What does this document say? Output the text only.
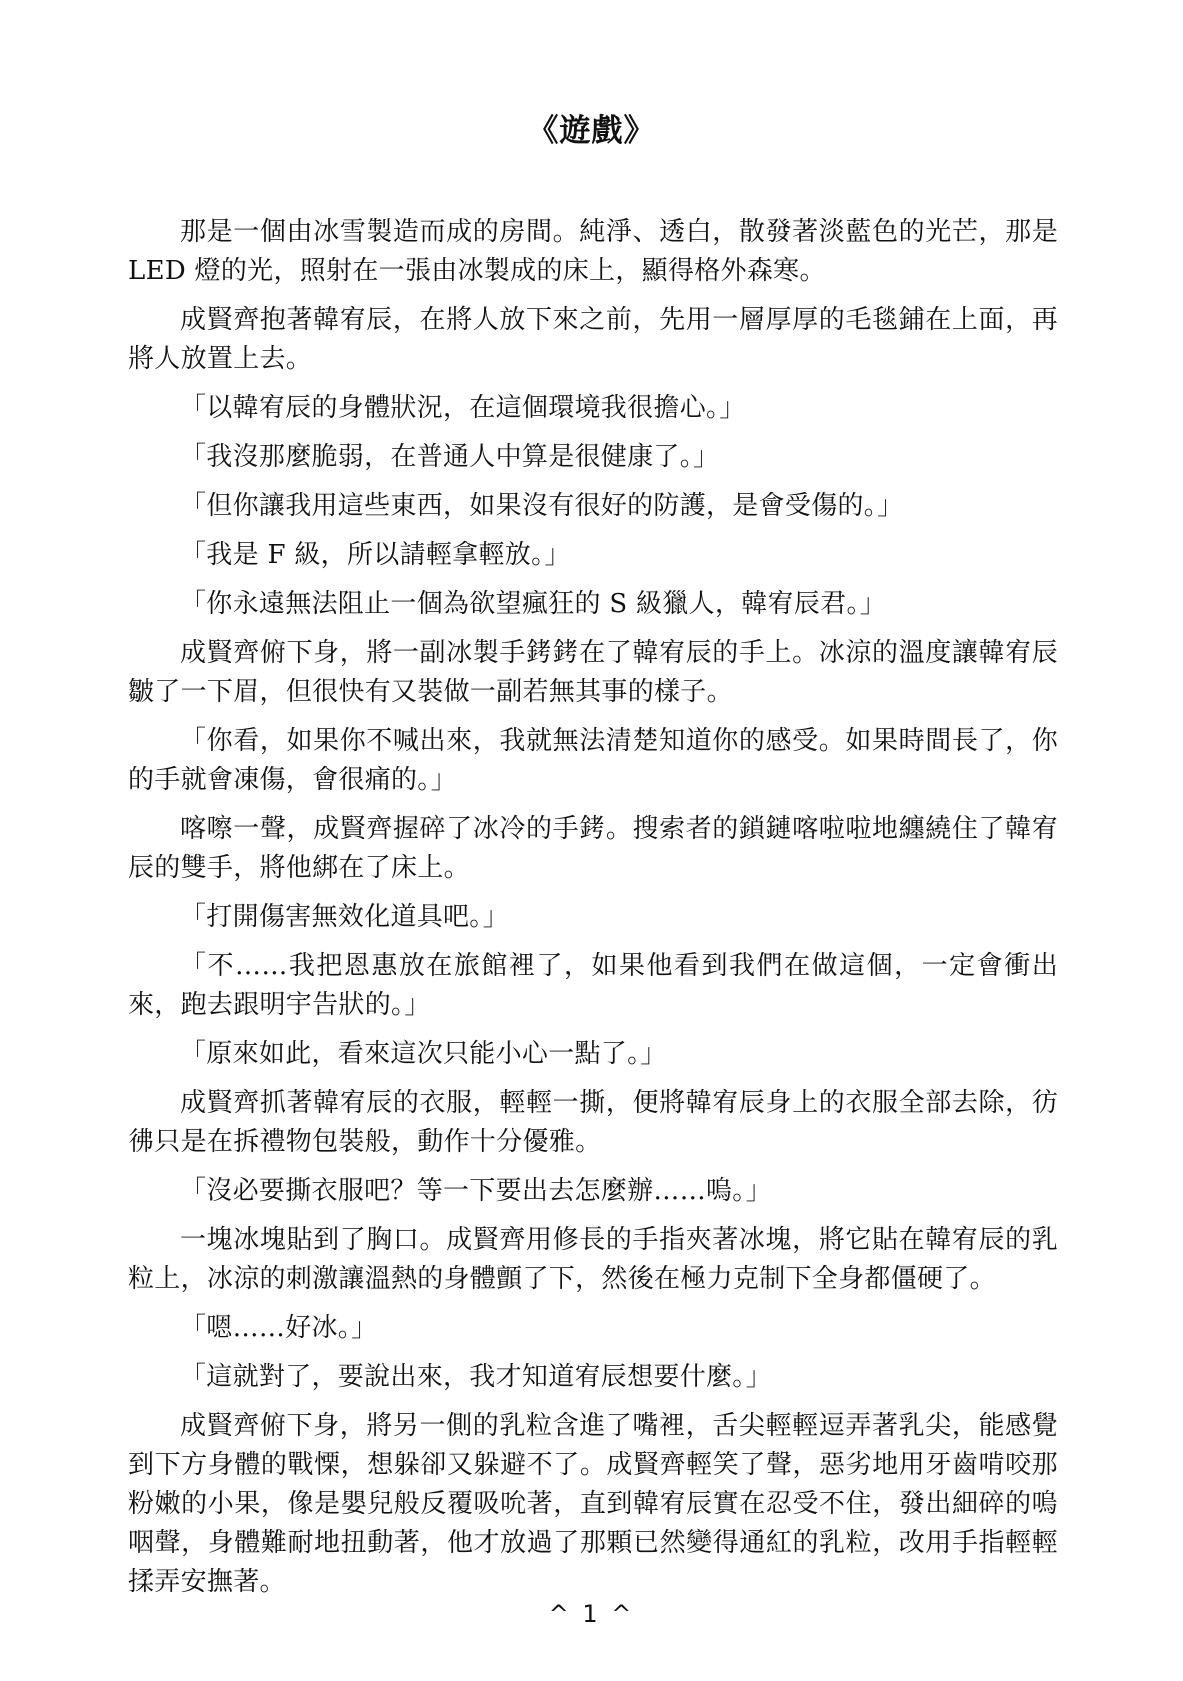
《遊戲》

那是一個由冰雪製造而成的房間。純淨、透白，散發著淡藍色的光芒，那是 LED 燈的光，照射在一張由冰製成的床上，顯得格外森寒。

成賢齊抱著韓宥辰，在將人放下來之前，先用一層厚厚的毛毯鋪在上面，再將人放置上去。

「以韓宥辰的身體狀況，在這個環境我很擔心。」

「我沒那麼脆弱，在普通人中算是很健康了。」

「但你讓我用這些東西，如果沒有很好的防護，是會受傷的。」

「我是 F 級，所以請輕拿輕放。」

「你永遠無法阻止一個為欲望瘋狂的 S 級獵人，韓宥辰君。」

成賢齊俯下身，將一副冰製手銬銬在了韓宥辰的手上。冰涼的溫度讓韓宥辰皺了一下眉，但很快有又裝做一副若無其事的樣子。

「你看，如果你不喊出來，我就無法清楚知道你的感受。如果時間長了，你的手就會凍傷，會很痛的。」

喀嚓一聲，成賢齊握碎了冰冷的手銬。搜索者的鎖鏈喀啦啦地纏繞住了韓宥辰的雙手，將他綁在了床上。

「打開傷害無效化道具吧。」

「不……我把恩惠放在旅館裡了，如果他看到我們在做這個，一定會衝出來，跑去跟明宇告狀的。」

「原來如此，看來這次只能小心一點了。」

成賢齊抓著韓宥辰的衣服，輕輕一撕，便將韓宥辰身上的衣服全部去除，彷彿只是在拆禮物包裝般，動作十分優雅。

「沒必要撕衣服吧？等一下要出去怎麼辦……嗚。」

一塊冰塊貼到了胸口。成賢齊用修長的手指夾著冰塊，將它貼在韓宥辰的乳粒上，冰涼的刺激讓溫熱的身體顫了下，然後在極力克制下全身都僵硬了。

「嗯……好冰。」

「這就對了，要說出來，我才知道宥辰想要什麼。」

成賢齊俯下身，將另一側的乳粒含進了嘴裡，舌尖輕輕逗弄著乳尖，能感覺到下方身體的戰慄，想躲卻又躲避不了。成賢齊輕笑了聲，惡劣地用牙齒啃咬那粉嫩的小果，像是嬰兒般反覆吸吮著，直到韓宥辰實在忍受不住，發出細碎的嗚咽聲，身體難耐地扭動著，他才放過了那顆已然變得通紅的乳粒，改用手指輕輕揉弄安撫著。

^ 1 ^
